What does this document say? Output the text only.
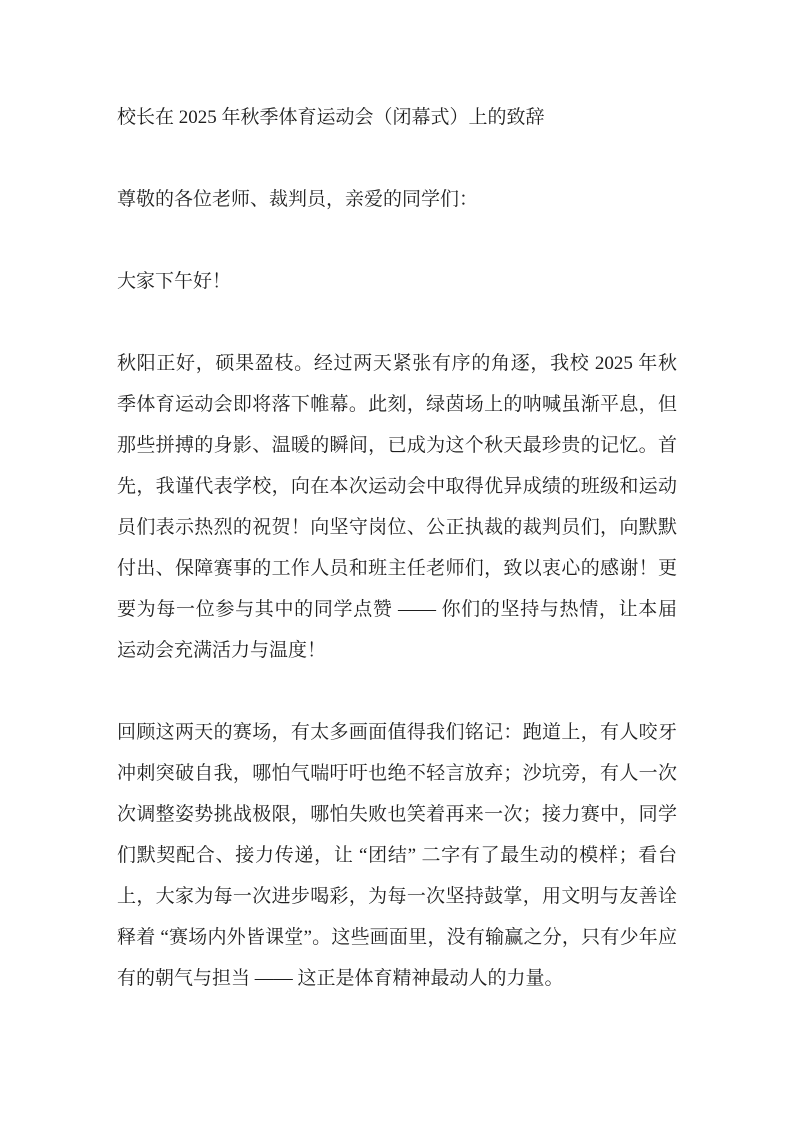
校长在 2025 年秋季体育运动会（闭幕式）上的致辞

尊敬的各位老师、裁判员，亲爱的同学们：

大家下午好！

秋阳正好，硕果盈枝。经过两天紧张有序的角逐，我校 2025 年秋季体育运动会即将落下帷幕。此刻，绿茵场上的呐喊虽渐平息，但那些拼搏的身影、温暖的瞬间，已成为这个秋天最珍贵的记忆。首先，我谨代表学校，向在本次运动会中取得优异成绩的班级和运动员们表示热烈的祝贺！向坚守岗位、公正执裁的裁判员们，向默默付出、保障赛事的工作人员和班主任老师们，致以衷心的感谢！更要为每一位参与其中的同学点赞 —— 你们的坚持与热情，让本届运动会充满活力与温度！

回顾这两天的赛场，有太多画面值得我们铭记：跑道上，有人咬牙冲刺突破自我，哪怕气喘吁吁也绝不轻言放弃；沙坑旁，有人一次次调整姿势挑战极限，哪怕失败也笑着再来一次；接力赛中，同学们默契配合、接力传递，让 “团结” 二字有了最生动的模样；看台上，大家为每一次进步喝彩，为每一次坚持鼓掌，用文明与友善诠释着 “赛场内外皆课堂”。这些画面里，没有输赢之分，只有少年应有的朝气与担当 —— 这正是体育精神最动人的力量。
